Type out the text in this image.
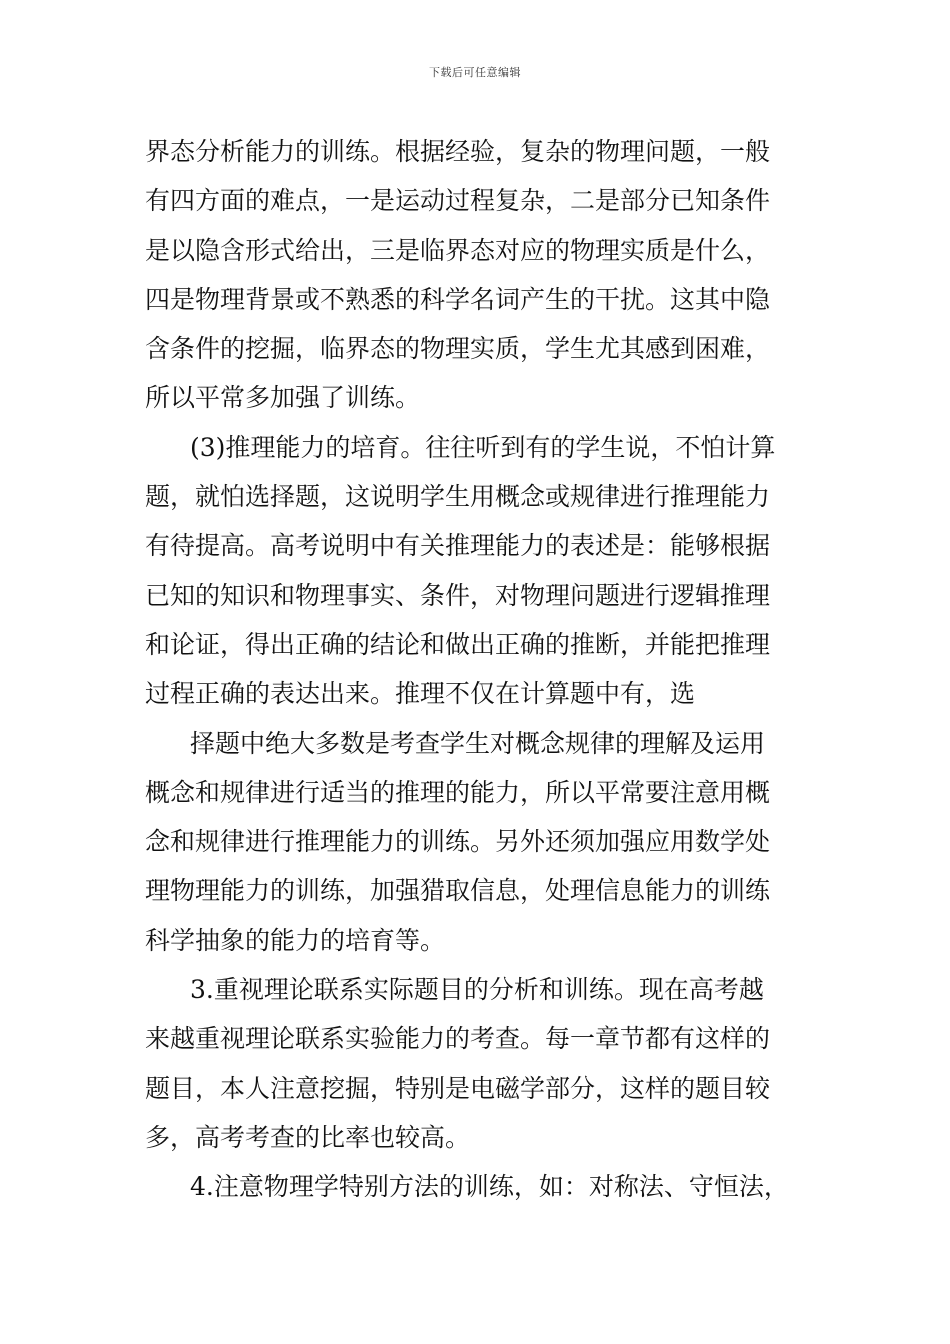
下载后可任意编辑
界态分析能力的训练。根据经验，复杂的物理问题，一般
有四方面的难点，一是运动过程复杂，二是部分已知条件
是以隐含形式给出，三是临界态对应的物理实质是什么，
四是物理背景或不熟悉的科学名词产生的干扰。这其中隐
含条件的挖掘，临界态的物理实质，学生尤其感到困难，
所以平常多加强了训练。
(3)推理能力的培育。往往听到有的学生说，不怕计算
题，就怕选择题，这说明学生用概念或规律进行推理能力
有待提高。高考说明中有关推理能力的表述是：能够根据
已知的知识和物理事实、条件，对物理问题进行逻辑推理
和论证，得出正确的结论和做出正确的推断，并能把推理
过程正确的表达出来。推理不仅在计算题中有，选
择题中绝大多数是考查学生对概念规律的理解及运用
概念和规律进行适当的推理的能力，所以平常要注意用概
念和规律进行推理能力的训练。另外还须加强应用数学处
理物理能力的训练，加强猎取信息，处理信息能力的训练
科学抽象的能力的培育等。
3.重视理论联系实际题目的分析和训练。现在高考越
来越重视理论联系实验能力的考查。每一章节都有这样的
题目，本人注意挖掘，特别是电磁学部分，这样的题目较
多，高考考查的比率也较高。
4.注意物理学特别方法的训练，如：对称法、守恒法，
